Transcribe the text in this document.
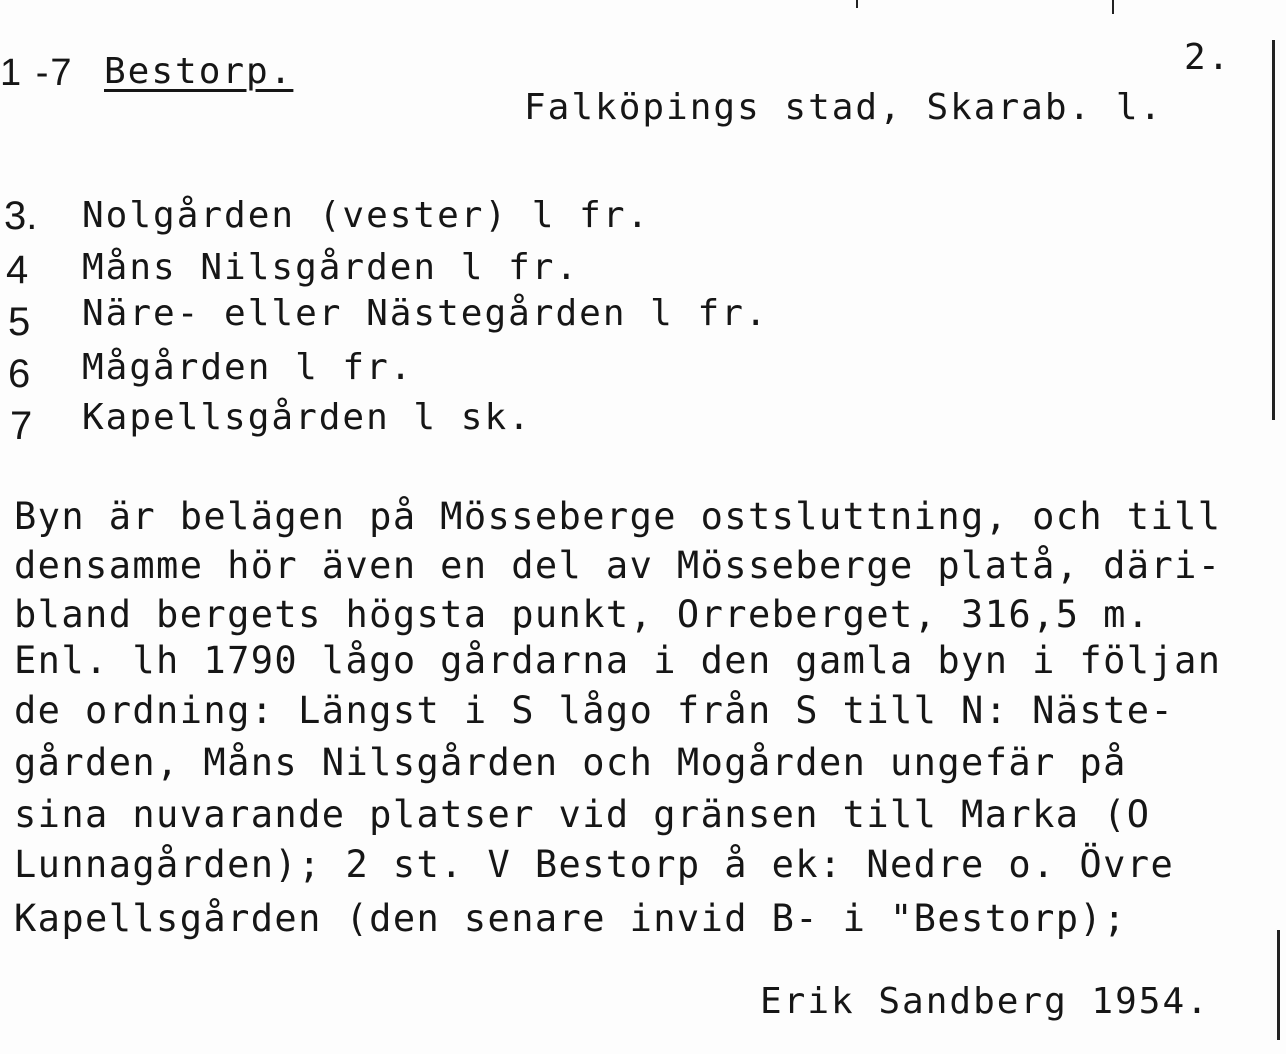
1 -7 Bestorp.	2.
Falköpings stad, Skarab. l.
3. Nolgården (vester) l fr.
4 Måns Nilsgården l fr.
5 Näre- eller Nästegården l fr.
6 Mågården l fr.
7 Kapellsgården l sk.
Byn är belägen på Mösseberge ostsluttning, och till
densamme hör även en del av Mösseberge platå, däri-
bland bergets högsta punkt, Orreberget, 316,5 m.
Enl. lh 1790 lågo gårdarna i den gamla byn i följan
de ordning: Längst i S lågo från S till N: Näste-
gården, Måns Nilsgården och Mogården ungefär på
sina nuvarande platser vid gränsen till Marka (O
Lunnagården); 2 st. V Bestorp å ek: Nedre o. Övre
Kapellsgården (den senare invid B- i "Bestorp);
Erik Sandberg 1954.
